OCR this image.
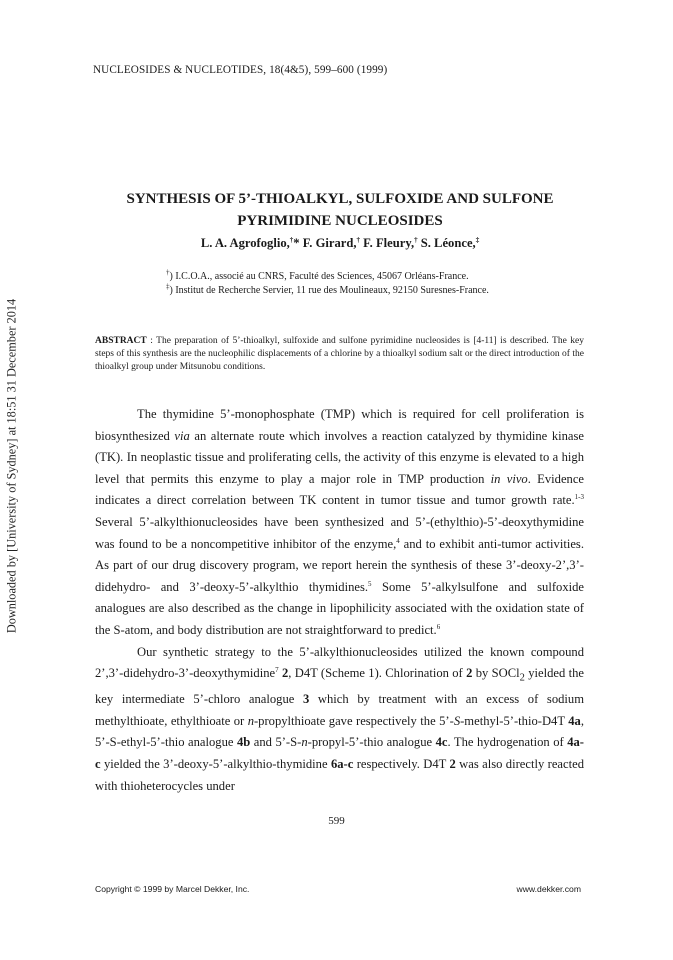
Downloaded by [University of Sydney] at 18:51 31 December 2014
NUCLEOSIDES & NUCLEOTIDES, 18(4&5), 599–600 (1999)
SYNTHESIS OF 5’-THIOALKYL, SULFOXIDE AND SULFONE
PYRIMIDINE NUCLEOSIDES
L. A. Agrofoglio,†* F. Girard,† F. Fleury,† S. Léonce,‡
†) I.C.O.A., associé au CNRS, Faculté des Sciences, 45067 Orléans-France.
‡) Institut de Recherche Servier, 11 rue des Moulineaux, 92150 Suresnes-France.
ABSTRACT : The preparation of 5’-thioalkyl, sulfoxide and sulfone pyrimidine nucleosides is [4-11] is described. The key steps of this synthesis are the nucleophilic displacements of a chlorine by a thioalkyl sodium salt or the direct introduction of the thioalkyl group under Mitsunobu conditions.

The thymidine 5’-monophosphate (TMP) which is required for cell proliferation is biosynthesized via an alternate route which involves a reaction catalyzed by thymidine kinase (TK). In neoplastic tissue and proliferating cells, the activity of this enzyme is elevated to a high level that permits this enzyme to play a major role in TMP production in vivo. Evidence indicates a direct correlation between TK content in tumor tissue and tumor growth rate.$^{1-3}$ Several 5’-alkylthionucleosides have been synthesized and 5’-(ethylthio)-5’-deoxythymidine was found to be a noncompetitive inhibitor of the enzyme,$^4$ and to exhibit anti-tumor activities. As part of our drug discovery program, we report herein the synthesis of these 3’-deoxy-2’,3’-didehydro- and 3’-deoxy-5’-alkylthio thymidines.$^5$ Some 5’-alkylsulfone and sulfoxide analogues are also described as the change in lipophilicity associated with the oxidation state of the S-atom, and body distribution are not straightforward to predict.$^6$

Our synthetic strategy to the 5’-alkylthionucleosides utilized the known compound 2’,3’-didehydro-3’-deoxythymidine$^7$ 2, D4T (Scheme 1). Chlorination of 2 by SOCl$_2$ yielded the key intermediate 5’-chloro analogue 3 which by treatment with an excess of sodium methylthioate, ethylthioate or n-propylthioate gave respectively the 5’-S-methyl-5’-thio-D4T 4a, 5’-S-ethyl-5’-thio analogue 4b and 5’-S-n-propyl-5’-thio analogue 4c. The hydrogenation of 4a-c yielded the 3’-deoxy-5’-alkylthio-thymidine 6a-c respectively. D4T 2 was also directly reacted with thioheterocycles under

599
Copyright © 1999 by Marcel Dekker, Inc.	www.dekker.com
